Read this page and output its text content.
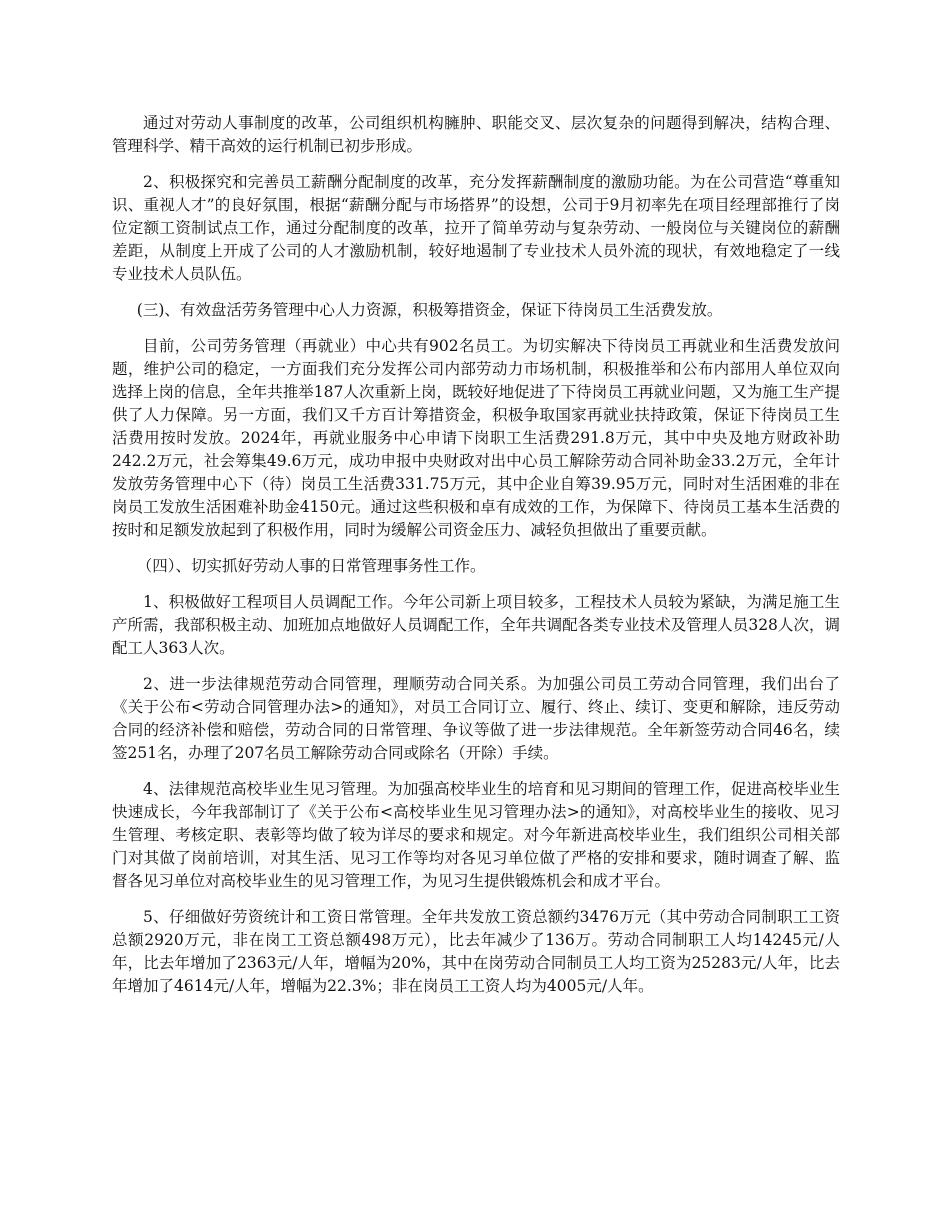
通过对劳动人事制度的改革，公司组织机构臃肿、职能交叉、层次复杂的问题得到解决，结构合理、管理科学、精干高效的运行机制已初步形成。

2、积极探究和完善员工薪酬分配制度的改革，充分发挥薪酬制度的激励功能。为在公司营造“尊重知识、重视人才”的良好氛围，根据“薪酬分配与市场搭界”的设想，公司于9月初率先在项目经理部推行了岗位定额工资制试点工作，通过分配制度的改革，拉开了简单劳动与复杂劳动、一般岗位与关键岗位的薪酬差距，从制度上开成了公司的人才激励机制，较好地遏制了专业技术人员外流的现状，有效地稳定了一线专业技术人员队伍。

(三)、有效盘活劳务管理中心人力资源，积极筹措资金，保证下待岗员工生活费发放。

目前，公司劳务管理（再就业）中心共有902名员工。为切实解决下待岗员工再就业和生活费发放问题，维护公司的稳定，一方面我们充分发挥公司内部劳动力市场机制，积极推举和公布内部用人单位双向选择上岗的信息，全年共推举187人次重新上岗，既较好地促进了下待岗员工再就业问题，又为施工生产提供了人力保障。另一方面，我们又千方百计筹措资金，积极争取国家再就业扶持政策，保证下待岗员工生活费用按时发放。2024年，再就业服务中心申请下岗职工生活费291.8万元，其中中央及地方财政补助242.2万元，社会筹集49.6万元，成功申报中央财政对出中心员工解除劳动合同补助金33.2万元，全年计发放劳务管理中心下（待）岗员工生活费331.75万元，其中企业自筹39.95万元，同时对生活困难的非在岗员工发放生活困难补助金4150元。通过这些积极和卓有成效的工作，为保障下、待岗员工基本生活费的按时和足额发放起到了积极作用，同时为缓解公司资金压力、减轻负担做出了重要贡献。

（四）、切实抓好劳动人事的日常管理事务性工作。

1、积极做好工程项目人员调配工作。今年公司新上项目较多，工程技术人员较为紧缺，为满足施工生产所需，我部积极主动、加班加点地做好人员调配工作，全年共调配各类专业技术及管理人员328人次，调配工人363人次。

2、进一步法律规范劳动合同管理，理顺劳动合同关系。为加强公司员工劳动合同管理，我们出台了《关于公布<劳动合同管理办法>的通知》，对员工合同订立、履行、终止、续订、变更和解除，违反劳动合同的经济补偿和赔偿，劳动合同的日常管理、争议等做了进一步法律规范。全年新签劳动合同46名，续签251名，办理了207名员工解除劳动合同或除名（开除）手续。

4、法律规范高校毕业生见习管理。为加强高校毕业生的培育和见习期间的管理工作，促进高校毕业生快速成长，今年我部制订了《关于公布<高校毕业生见习管理办法>的通知》，对高校毕业生的接收、见习生管理、考核定职、表彰等均做了较为详尽的要求和规定。对今年新进高校毕业生，我们组织公司相关部门对其做了岗前培训，对其生活、见习工作等均对各见习单位做了严格的安排和要求，随时调查了解、监督各见习单位对高校毕业生的见习管理工作，为见习生提供锻炼机会和成才平台。

5、仔细做好劳资统计和工资日常管理。全年共发放工资总额约3476万元（其中劳动合同制职工工资总额2920万元，非在岗工工资总额498万元），比去年减少了136万。劳动合同制职工人均14245元/人年，比去年增加了2363元/人年，增幅为20%，其中在岗劳动合同制员工人均工资为25283元/人年，比去年增加了4614元/人年，增幅为22.3%；非在岗员工工资人均为4005元/人年。
